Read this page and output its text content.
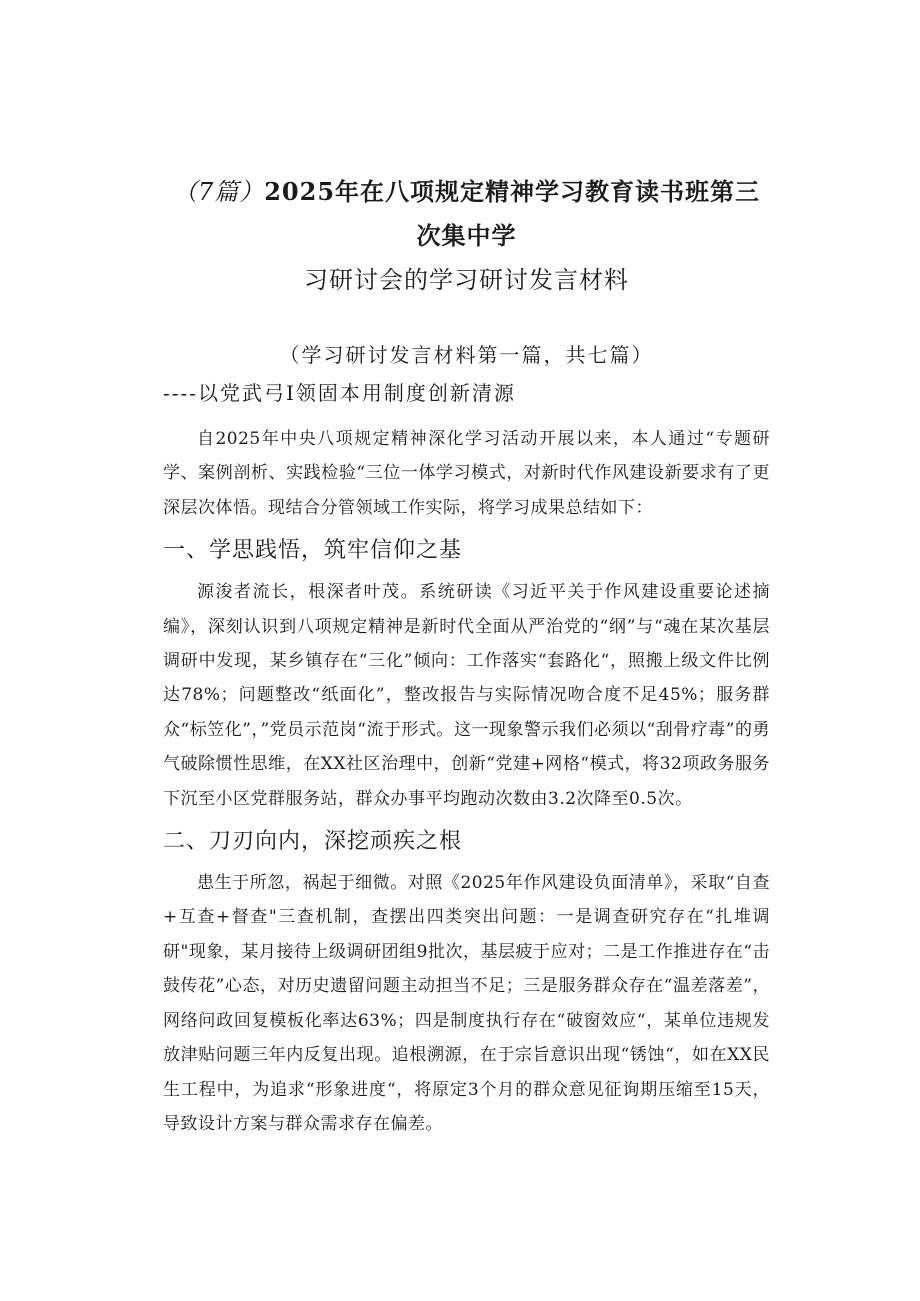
（7篇）2025年在八项规定精神学习教育读书班第三次集中学
习研讨会的学习研讨发言材料

（学习研讨发言材料第一篇，共七篇）

----以党武弓I领固本用制度创新清源

自2025年中央八项规定精神深化学习活动开展以来，本人通过“专题研学、案例剖析、实践检验“三位一体学习模式，对新时代作风建设新要求有了更深层次体悟。现结合分管领域工作实际，将学习成果总结如下：

一、学思践悟，筑牢信仰之基

源浚者流长，根深者叶茂。系统研读《习近平关于作风建设重要论述摘编》，深刻认识到八项规定精神是新时代全面从严治党的“纲”与“魂在某次基层调研中发现，某乡镇存在“三化”倾向：工作落实“套路化“，照搬上级文件比例达78%；问题整改“纸面化”，整改报告与实际情况吻合度不足45%；服务群众“标笠化”，”党员示范岗“流于形式。这一现象警示我们必须以“刮骨疗毒”的勇气破除惯性思维，在XX社区治理中，创新“党建+网格“模式，将32项政务服务下沉至小区党群服务站，群众办事平均跑动次数由3.2次降至0.5次。

二、刀刃向内，深挖顽疾之根

患生于所忽，祸起于细微。对照《2025年作风建设负面清单》，采取“自查+互查+督查"三查机制，查摆出四类突出问题：一是调查研究存在“扎堆调研"现象，某月接待上级调研团组9批次，基层疲于应对；二是工作推进存在“击鼓传花”心态，对历史遗留问题主动担当不足；三是服务群众存在“温差落差”，网络问政回复模板化率达63%；四是制度执行存在“破窗效应“，某单位违规发放津贴问题三年内反复出现。追根溯源，在于宗旨意识出现“锈蚀“，如在XX民生工程中，为追求“形象进度“，将原定3个月的群众意见征询期压缩至15天，导致设计方案与群众需求存在偏差。
